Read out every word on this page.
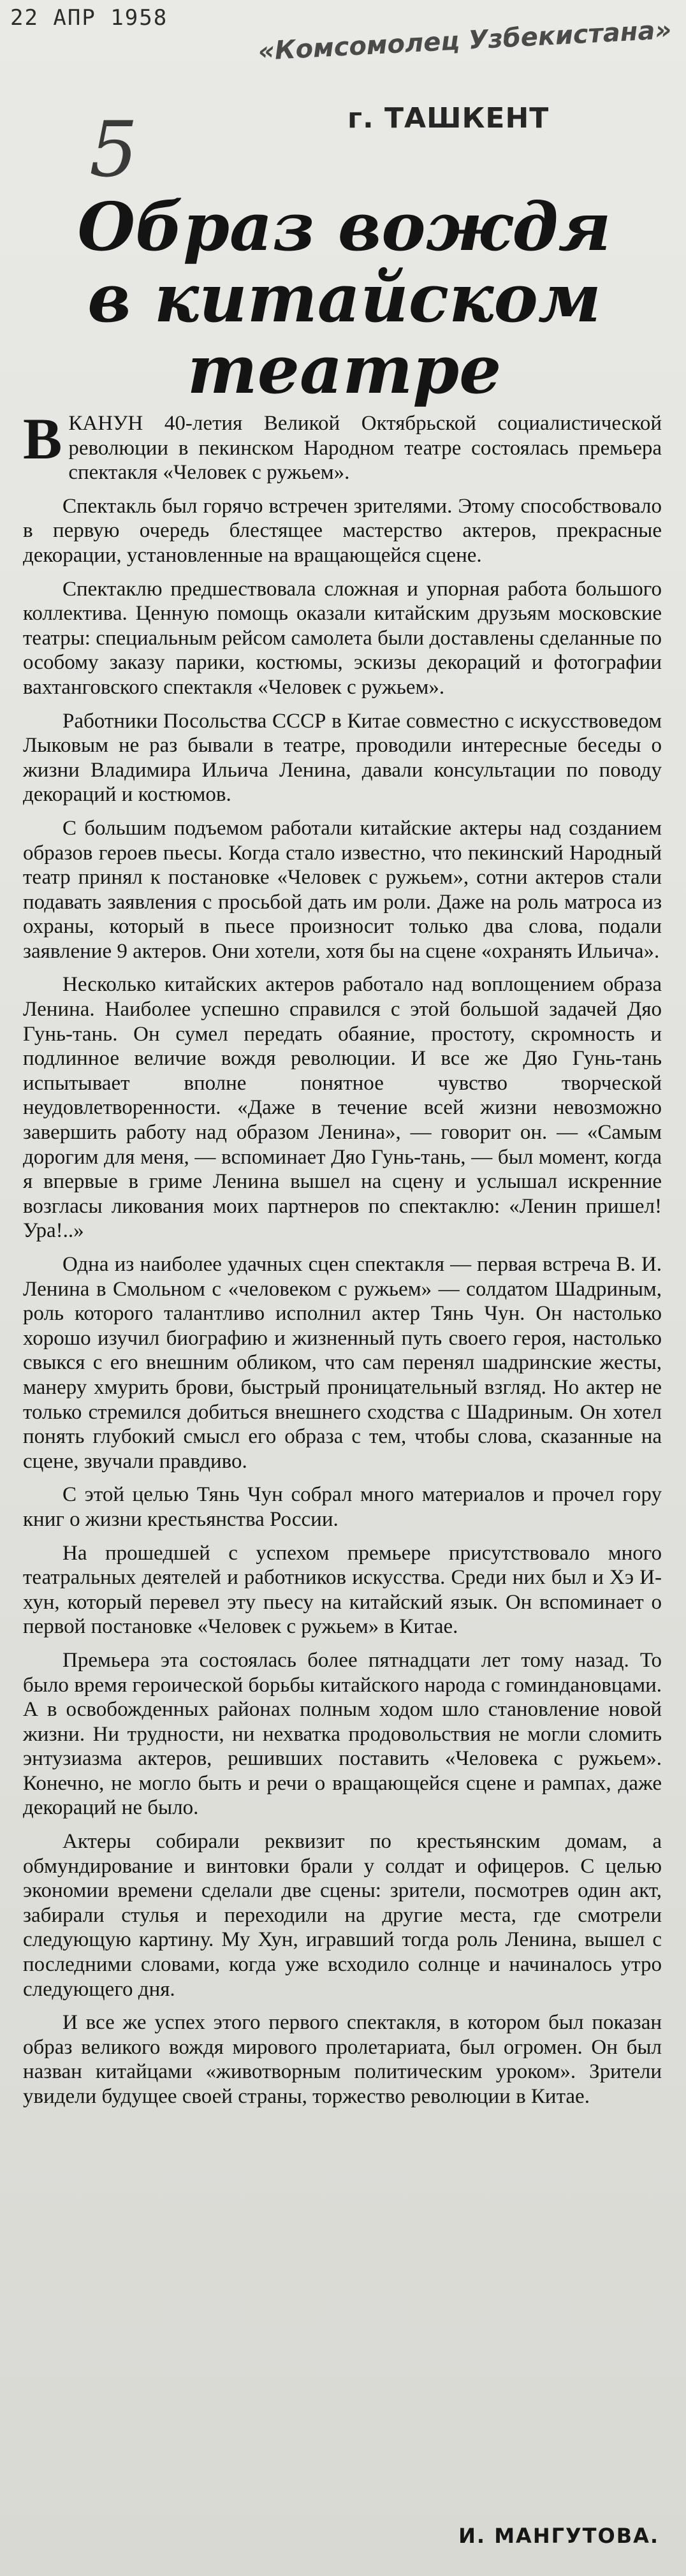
22 АПР 1958	«Комсомолец Узбекистана»
г. ТАШКЕНТ
5
Образ вождя
в китайском
театре

ВКАНУН 40-летия Великой Октябрьской социалистической революции в пекинском Народном театре состоялась премьера спектакля «Человек с ружьем».

Спектакль был горячо встречен зрителями. Этому способствовало в первую очередь блестящее мастерство актеров, прекрасные декорации, установленные на вращающейся сцене.

Спектаклю предшествовала сложная и упорная работа большого коллектива. Ценную помощь оказали китайским друзьям московские театры: специальным рейсом самолета были доставлены сделанные по особому заказу парики, костюмы, эскизы декораций и фотографии вахтанговского спектакля «Человек с ружьем».

Работники Посольства СССР в Китае совместно с искусствоведом Лыковым не раз бывали в театре, проводили интересные беседы о жизни Владимира Ильича Ленина, давали консультации по поводу декораций и костюмов.

С большим подъемом работали китайские актеры над созданием образов героев пьесы. Когда стало известно, что пекинский Народный театр принял к постановке «Человек с ружьем», сотни актеров стали подавать заявления с просьбой дать им роли. Даже на роль матроса из охраны, который в пьесе произносит только два слова, подали заявление 9 актеров. Они хотели, хотя бы на сцене «охранять Ильича».

Несколько китайских актеров работало над воплощением образа Ленина. Наиболее успешно справился с этой большой задачей Дяо Гунь-тань. Он сумел передать обаяние, простоту, скромность и подлинное величие вождя революции. И все же Дяо Гунь-тань испытывает вполне понятное чувство творческой неудовлетворенности. «Даже в течение всей жизни невозможно завершить работу над образом Ленина», — говорит он. — «Самым дорогим для меня, — вспоминает Дяо Гунь-тань, — был момент, когда я впервые в гриме Ленина вышел на сцену и услышал искренние возгласы ликования моих партнеров по спектаклю: «Ленин пришел! Ура!..»

Одна из наиболее удачных сцен спектакля — первая встреча В. И. Ленина в Смольном с «человеком с ружьем» — солдатом Шадриным, роль которого талантливо исполнил актер Тянь Чун. Он настолько хорошо изучил биографию и жизненный путь своего героя, настолько свыкся с его внешним обликом, что сам перенял шадринские жесты, манеру хмурить брови, быстрый проницательный взгляд. Но актер не только стремился добиться внешнего сходства с Шадриным. Он хотел понять глубокий смысл его образа с тем, чтобы слова, сказанные на сцене, звучали правдиво.

С этой целью Тянь Чун собрал много материалов и прочел гору книг о жизни крестьянства России.

На прошедшей с успехом премьере присутствовало много театральных деятелей и работников искусства. Среди них был и Хэ И-хун, который перевел эту пьесу на китайский язык. Он вспоминает о первой постановке «Человек с ружьем» в Китае.

Премьера эта состоялась более пятнадцати лет тому назад. То было время героической борьбы китайского народа с гоминдановцами. А в освобожденных районах полным ходом шло становление новой жизни. Ни трудности, ни нехватка продовольствия не могли сломить энтузиазма актеров, решивших поставить «Человека с ружьем». Конечно, не могло быть и речи о вращающейся сцене и рампах, даже декораций не было.

Актеры собирали реквизит по крестьянским домам, а обмундирование и винтовки брали у солдат и офицеров. С целью экономии времени сделали две сцены: зрители, посмотрев один акт, забирали стулья и переходили на другие места, где смотрели следующую картину. Му Хун, игравший тогда роль Ленина, вышел с последними словами, когда уже всходило солнце и начиналось утро следующего дня.

И все же успех этого первого спектакля, в котором был показан образ великого вождя мирового пролетариата, был огромен. Он был назван китайцами «животворным политическим уроком». Зрители увидели будущее своей страны, торжество революции в Китае.

И. МАНГУТОВА.
